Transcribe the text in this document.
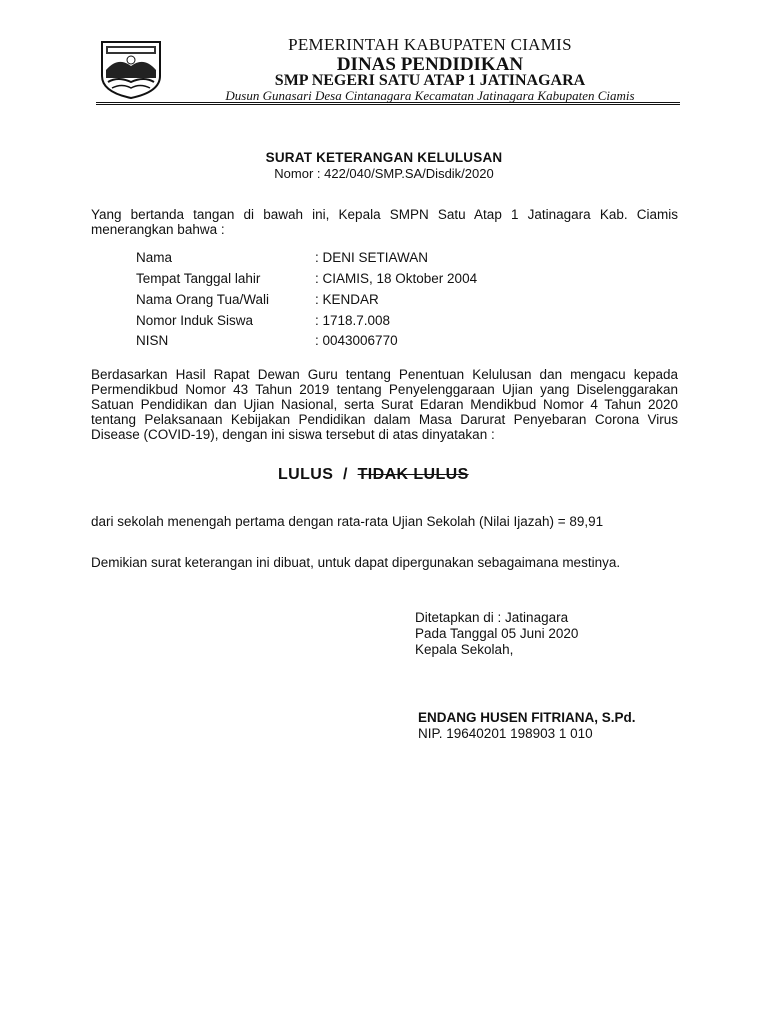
PEMERINTAH KABUPATEN CIAMIS
DINAS PENDIDIKAN
SMP NEGERI SATU ATAP 1 JATINAGARA
Dusun Gunasari Desa Cintanagara Kecamatan Jatinagara Kabupaten Ciamis
SURAT KETERANGAN KELULUSAN
Nomor : 422/040/SMP.SA/Disdik/2020
Yang bertanda tangan di bawah ini, Kepala SMPN Satu Atap 1 Jatinagara Kab. Ciamis menerangkan bahwa :
Nama	: DENI SETIAWAN
Tempat Tanggal lahir	: CIAMIS, 18 Oktober 2004
Nama Orang Tua/Wali	: KENDAR
Nomor Induk Siswa	: 1718.7.008
NISN	: 0043006770
Berdasarkan Hasil Rapat Dewan Guru tentang Penentuan Kelulusan dan mengacu kepada Permendikbud Nomor 43 Tahun 2019 tentang Penyelenggaraan Ujian yang Diselenggarakan Satuan Pendidikan dan Ujian Nasional, serta Surat Edaran Mendikbud Nomor 4 Tahun 2020 tentang Pelaksanaan Kebijakan Pendidikan dalam Masa Darurat Penyebaran Corona Virus Disease (COVID-19), dengan ini siswa tersebut di atas dinyatakan :
LULUS / TIDAK LULUS
dari sekolah menengah pertama dengan rata-rata Ujian Sekolah (Nilai Ijazah) = 89,91
Demikian surat keterangan ini dibuat, untuk dapat dipergunakan sebagaimana mestinya.
Ditetapkan di : Jatinagara
Pada Tanggal 05 Juni 2020
Kepala Sekolah,
ENDANG HUSEN FITRIANA, S.Pd.
NIP. 19640201 198903 1 010
